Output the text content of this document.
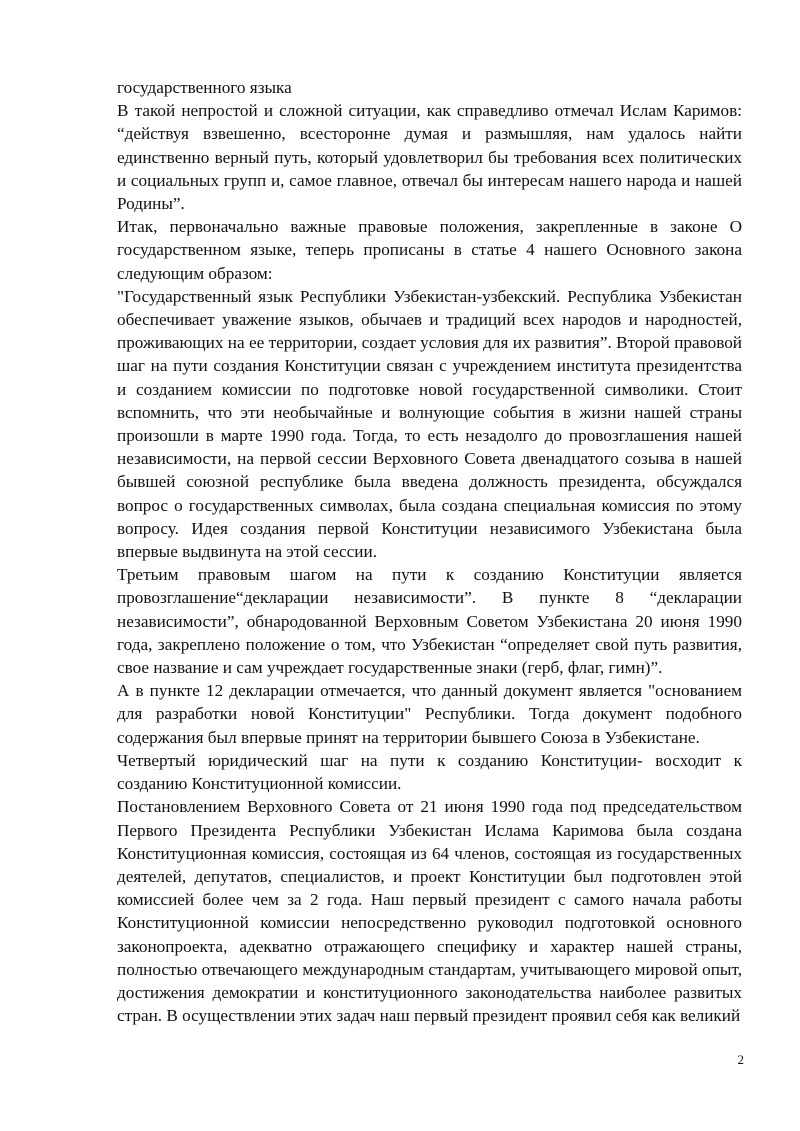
государственного языка

В такой непростой и сложной ситуации, как справедливо отмечал Ислам Каримов: “действуя взвешенно, всесторонне думая и размышляя, нам удалось найти единственно верный путь, который удовлетворил бы требования всех политических и социальных групп и, самое главное, отвечал бы интересам нашего народа и нашей Родины”.

Итак, первоначально важные правовые положения, закрепленные в законе О государственном языке, теперь прописаны в статье 4 нашего Основного закона следующим образом:

"Государственный язык Республики Узбекистан-узбекский. Республика Узбекистан обеспечивает уважение языков, обычаев и традиций всех народов и народностей, проживающих на ее территории, создает условия для их развития”. Второй правовой шаг на пути создания Конституции связан с учреждением института президентства и созданием комиссии по подготовке новой государственной символики. Стоит вспомнить, что эти необычайные и волнующие события в жизни нашей страны произошли в марте 1990 года. Тогда, то есть незадолго до провозглашения нашей независимости, на первой сессии Верховного Совета двенадцатого созыва в нашей бывшей союзной республике была введена должность президента, обсуждался вопрос о государственных символах, была создана специальная комиссия по этому вопросу. Идея создания первой Конституции независимого Узбекистана была впервые выдвинута на этой сессии.

Третьим правовым шагом на пути к созданию Конституции является провозглашение“декларации независимости”. В пункте 8 “декларации независимости”, обнародованной Верховным Советом Узбекистана 20 июня 1990 года, закреплено положение о том, что Узбекистан “определяет свой путь развития, свое название и сам учреждает государственные знаки (герб, флаг, гимн)”.

А в пункте 12 декларации отмечается, что данный документ является "основанием для разработки новой Конституции" Республики. Тогда документ подобного содержания был впервые принят на территории бывшего Союза в Узбекистане.

Четвертый юридический шаг на пути к созданию Конституции- восходит к созданию Конституционной комиссии.

Постановлением Верховного Совета от 21 июня 1990 года под председательством Первого Президента Республики Узбекистан Ислама Каримова была создана Конституционная комиссия, состоящая из 64 членов, состоящая из государственных деятелей, депутатов, специалистов, и проект Конституции был подготовлен этой комиссией более чем за 2 года. Наш первый президент с самого начала работы Конституционной комиссии непосредственно руководил подготовкой основного законопроекта, адекватно отражающего специфику и характер нашей страны, полностью отвечающего международным стандартам, учитывающего мировой опыт, достижения демократии и конституционного законодательства наиболее развитых стран. В осуществлении этих задач наш первый президент проявил себя как великий

2
